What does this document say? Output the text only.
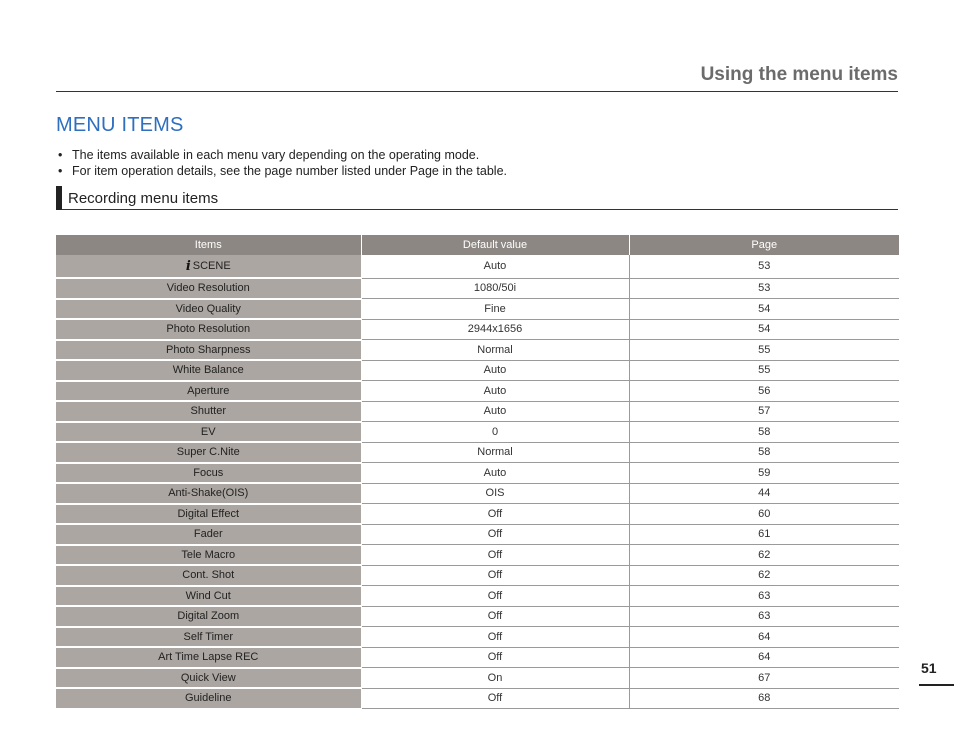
Using the menu items
MENU ITEMS
• The items available in each menu vary depending on the operating mode.
• For item operation details, see the page number listed under Page in the table.
Recording menu items
Items	Default value	Page
i SCENE	Auto	53
Video Resolution	1080/50i	53
Video Quality	Fine	54
Photo Resolution	2944x1656	54
Photo Sharpness	Normal	55
White Balance	Auto	55
Aperture	Auto	56
Shutter	Auto	57
EV	0	58
Super C.Nite	Normal	58
Focus	Auto	59
Anti-Shake(OIS)	OIS	44
Digital Effect	Off	60
Fader	Off	61
Tele Macro	Off	62
Cont. Shot	Off	62
Wind Cut	Off	63
Digital Zoom	Off	63
Self Timer	Off	64
Art Time Lapse REC	Off	64
Quick View	On	67
Guideline	Off	68
51
